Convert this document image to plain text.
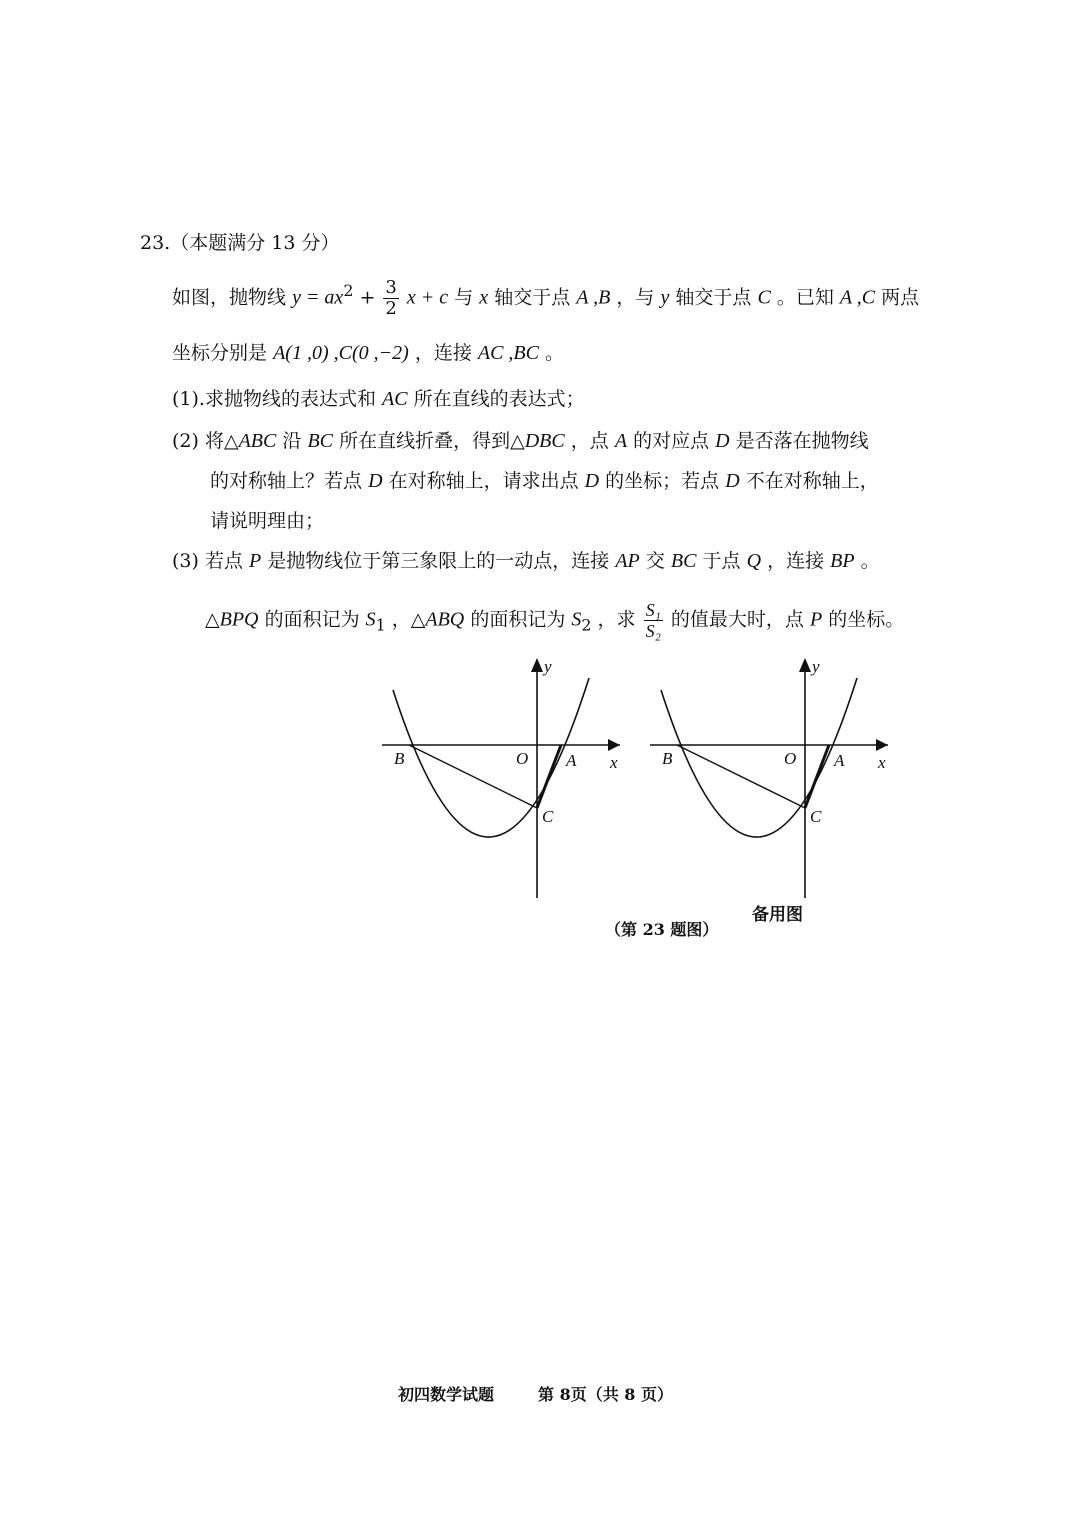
23.（本题满分 13 分）
如图，抛物线 $y = ax^2 + \frac{3}{2}$ x + c 与 x 轴交于点 A ,B ，与 y 轴交于点 C 。已知 A ,C 两点
坐标分别是 A(1 ,0) ,C(0 ,−2) ，连接 AC ,BC 。
(1).求抛物线的表达式和 AC 所在直线的表达式；
(2) 将△ABC 沿 BC 所在直线折叠，得到△DBC ，点 A 的对应点 D 是否落在抛物线
的对称轴上？若点 D 在对称轴上，请求出点 D 的坐标；若点 D 不在对称轴上，
请说明理由；
(3) 若点 P 是抛物线位于第三象限上的一动点，连接 AP 交 BC 于点 Q ，连接 BP 。
△BPQ 的面积记为 $S_1$ ，△ABQ 的面积记为 $S_2$ ，求 $\frac{\text{S₁}}{\text{S₂}}$ 的值最大时，点 P 的坐标。
y
x
O A
B
C
y
x
O A
B
C
备用图
（第 23 题图）
初四数学试题	第 8页（共 8 页）
